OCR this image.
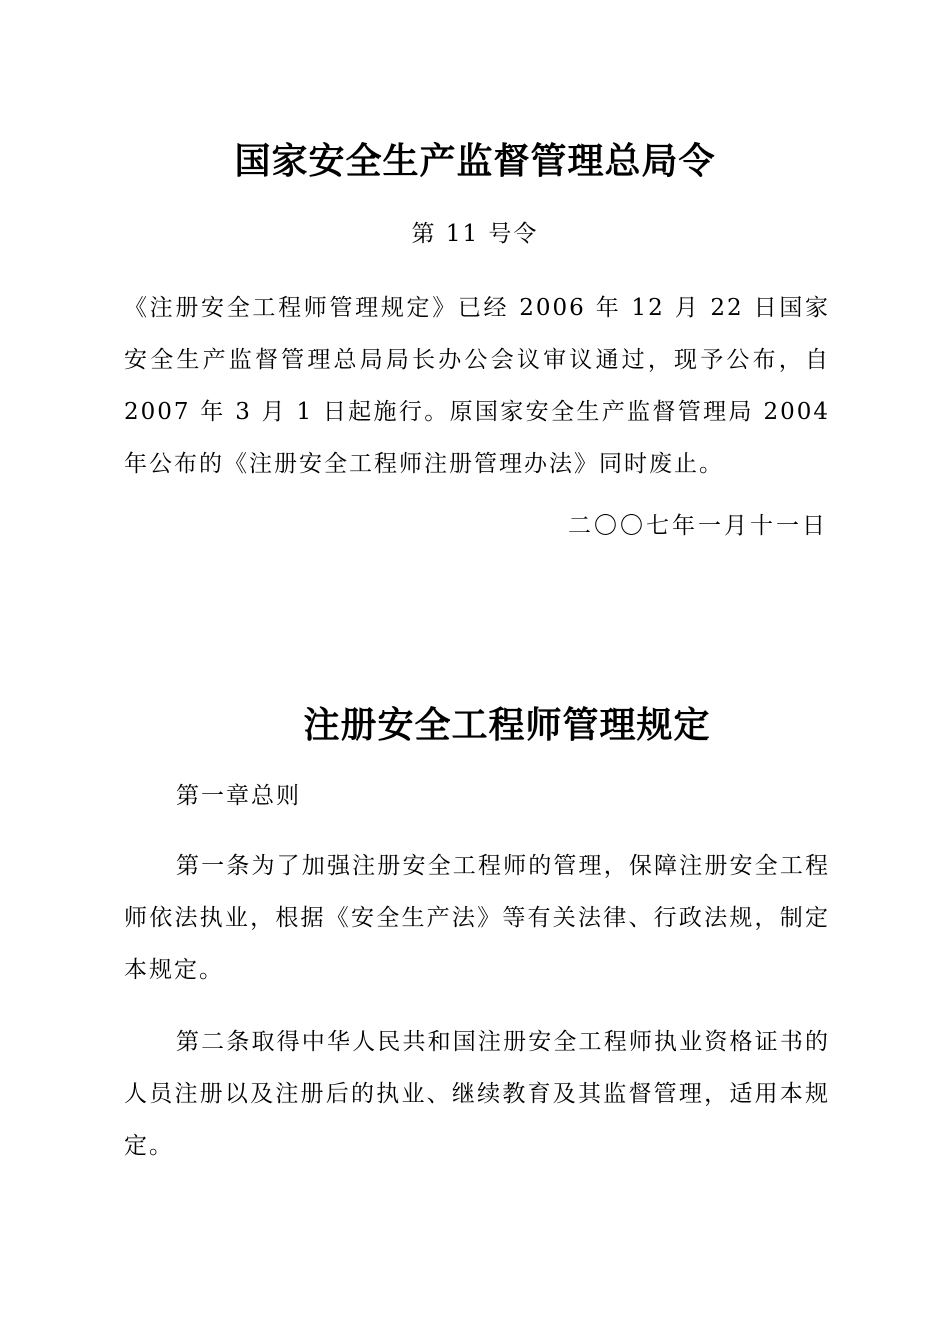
国家安全生产监督管理总局令
第 11 号令

《注册安全工程师管理规定》已经 2006 年 12 月 22 日国家安全生产监督管理总局局长办公会议审议通过，现予公布，自 2007 年 3 月 1 日起施行。原国家安全生产监督管理局 2004 年公布的《注册安全工程师注册管理办法》同时废止。

二〇〇七年一月十一日
注册安全工程师管理规定
第一章总则

第一条为了加强注册安全工程师的管理，保障注册安全工程师依法执业，根据《安全生产法》等有关法律、行政法规，制定本规定。

第二条取得中华人民共和国注册安全工程师执业资格证书的人员注册以及注册后的执业、继续教育及其监督管理，适用本规定。
